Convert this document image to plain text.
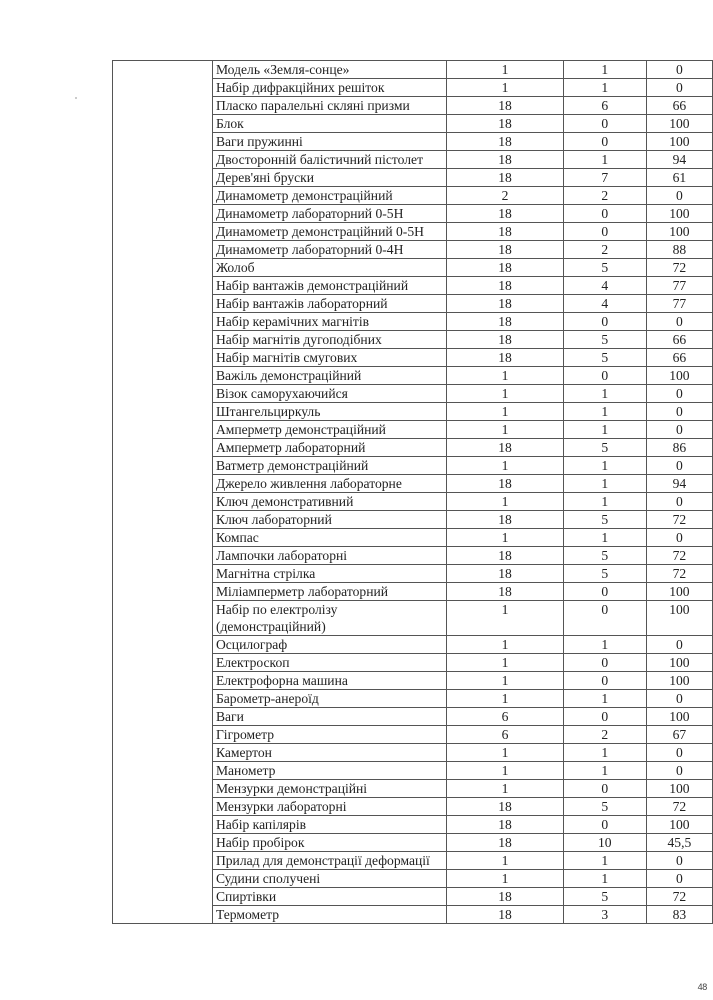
	Модель «Земля-сонце»	1	1	0
	Набір дифракційних решіток	1	1	0
	Пласко паралельні скляні призми	18	6	66
	Блок	18	0	100
	Ваги пружинні	18	0	100
	Двосторонній балістичний пістолет	18	1	94
	Дерев'яні бруски	18	7	61
	Динамометр демонстраційний	2	2	0
	Динамометр лабораторний 0-5Н	18	0	100
	Динамометр демонстраційний 0-5Н	18	0	100
	Динамометр лабораторний 0-4Н	18	2	88
	Жолоб	18	5	72
	Набір вантажів демонстраційний	18	4	77
	Набір вантажів лабораторний	18	4	77
	Набір керамічних магнітів	18	0	0
	Набір магнітів дугоподібних	18	5	66
	Набір магнітів смугових	18	5	66
	Важіль демонстраційний	1	0	100
	Візок саморухаючийся	1	1	0
	Штангельциркуль	1	1	0
	Амперметр демонстраційний	1	1	0
	Амперметр лабораторний	18	5	86
	Ватметр демонстраційний	1	1	0
	Джерело живлення лабораторне	18	1	94
	Ключ демонстративний	1	1	0
	Ключ лабораторний	18	5	72
	Компас	1	1	0
	Лампочки лабораторні	18	5	72
	Магнітна стрілка	18	5	72
	Міліамперметр лабораторний	18	0	100
	Набір по електролізу (демонстраційний)	1	0	100
	Осцилограф	1	1	0
	Електроскоп	1	0	100
	Електрофорна машина	1	0	100
	Барометр-анероїд	1	1	0
	Ваги	6	0	100
	Гігрометр	6	2	67
	Камертон	1	1	0
	Манометр	1	1	0
	Мензурки демонстраційні	1	0	100
	Мензурки лабораторні	18	5	72
	Набір капілярів	18	0	100
	Набір пробірок	18	10	45,5
	Прилад для демонстрації деформації	1	1	0
	Судини сполучені	1	1	0
	Спиртівки	18	5	72
	Термометр	18	3	83
48
